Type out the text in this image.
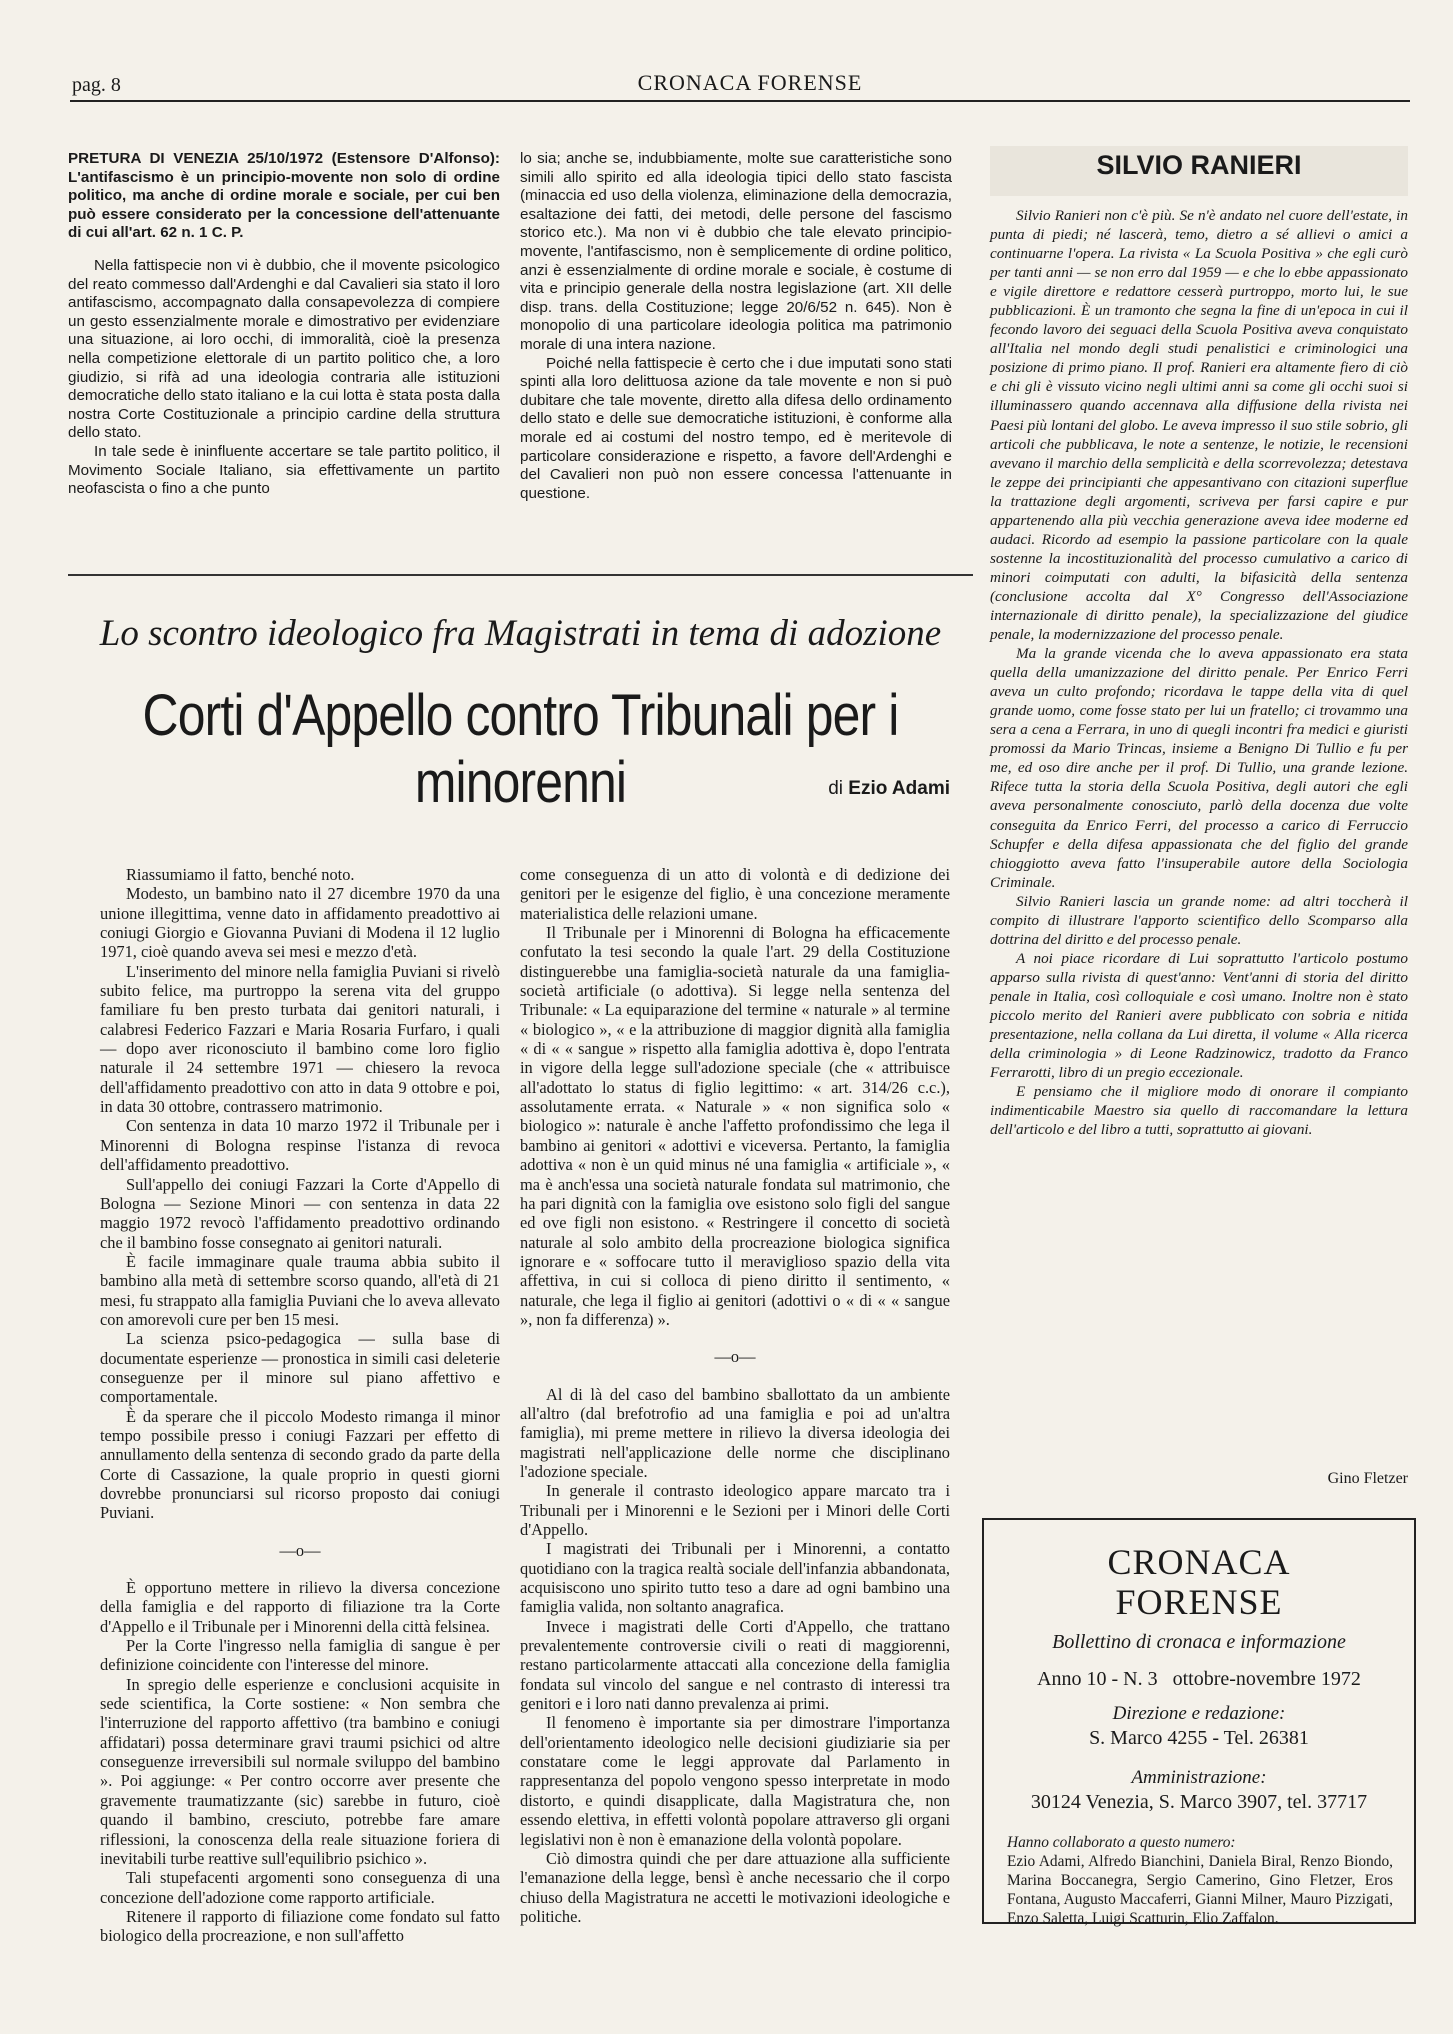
pag. 8	CRONACA FORENSE

PRETURA DI VENEZIA 25/10/1972 (Estensore D'Alfonso): L'antifascismo è un principio-movente non solo di ordine politico, ma anche di ordine morale e sociale, per cui ben può essere considerato per la concessione dell'attenuante di cui all'art. 62 n. 1 C. P.

Nella fattispecie non vi è dubbio, che il movente psicologico del reato commesso dall'Ardenghi e dal Cavalieri sia stato il loro antifascismo, accompagnato dalla consapevolezza di compiere un gesto essenzialmente morale e dimostrativo per evidenziare una situazione, ai loro occhi, di immoralità, cioè la presenza nella competizione elettorale di un partito politico che, a loro giudizio, si rifà ad una ideologia contraria alle istituzioni democratiche dello stato italiano e la cui lotta è stata posta dalla nostra Corte Costituzionale a principio cardine della struttura dello stato.

In tale sede è ininfluente accertare se tale partito politico, il Movimento Sociale Italiano, sia effettivamente un partito neofascista o fino a che punto

lo sia; anche se, indubbiamente, molte sue caratteristiche sono simili allo spirito ed alla ideologia tipici dello stato fascista (minaccia ed uso della violenza, eliminazione della democrazia, esaltazione dei fatti, dei metodi, delle persone del fascismo storico etc.). Ma non vi è dubbio che tale elevato principio-movente, l'antifascismo, non è semplicemente di ordine politico, anzi è essenzialmente di ordine morale e sociale, è costume di vita e principio generale della nostra legislazione (art. XII delle disp. trans. della Costituzione; legge 20/6/52 n. 645). Non è monopolio di una particolare ideologia politica ma patrimonio morale di una intera nazione.

Poiché nella fattispecie è certo che i due imputati sono stati spinti alla loro delittuosa azione da tale movente e non si può dubitare che tale movente, diretto alla difesa dello ordinamento dello stato e delle sue democratiche istituzioni, è conforme alla morale ed ai costumi del nostro tempo, ed è meritevole di particolare considerazione e rispetto, a favore dell'Ardenghi e del Cavalieri non può non essere concessa l'attenuante in questione.

Lo scontro ideologico fra Magistrati in tema di adozione
Corti d'Appello contro Tribunali per i minorenni	di Ezio Adami

Riassumiamo il fatto, benché noto.

Modesto, un bambino nato il 27 dicembre 1970 da una unione illegittima, venne dato in affidamento preadottivo ai coniugi Giorgio e Giovanna Puviani di Modena il 12 luglio 1971, cioè quando aveva sei mesi e mezzo d'età.

L'inserimento del minore nella famiglia Puviani si rivelò subito felice, ma purtroppo la serena vita del gruppo familiare fu ben presto turbata dai genitori naturali, i calabresi Federico Fazzari e Maria Rosaria Furfaro, i quali — dopo aver riconosciuto il bambino come loro figlio naturale il 24 settembre 1971 — chiesero la revoca dell'affidamento preadottivo con atto in data 9 ottobre e poi, in data 30 ottobre, contrassero matrimonio.

Con sentenza in data 10 marzo 1972 il Tribunale per i Minorenni di Bologna respinse l'istanza di revoca dell'affidamento preadottivo.

Sull'appello dei coniugi Fazzari la Corte d'Appello di Bologna — Sezione Minori — con sentenza in data 22 maggio 1972 revocò l'affidamento preadottivo ordinando che il bambino fosse consegnato ai genitori naturali.

È facile immaginare quale trauma abbia subito il bambino alla metà di settembre scorso quando, all'età di 21 mesi, fu strappato alla famiglia Puviani che lo aveva allevato con amorevoli cure per ben 15 mesi.

La scienza psico-pedagogica — sulla base di documentate esperienze — pronostica in simili casi deleterie conseguenze per il minore sul piano affettivo e comportamentale.

È da sperare che il piccolo Modesto rimanga il minor tempo possibile presso i coniugi Fazzari per effetto di annullamento della sentenza di secondo grado da parte della Corte di Cassazione, la quale proprio in questi giorni dovrebbe pronunciarsi sul ricorso proposto dai coniugi Puviani.

—o—

È opportuno mettere in rilievo la diversa concezione della famiglia e del rapporto di filiazione tra la Corte d'Appello e il Tribunale per i Minorenni della città felsinea.

Per la Corte l'ingresso nella famiglia di sangue è per definizione coincidente con l'interesse del minore.

In spregio delle esperienze e conclusioni acquisite in sede scientifica, la Corte sostiene: « Non sembra che l'interruzione del rapporto affettivo (tra bambino e coniugi affidatari) possa determinare gravi traumi psichici od altre conseguenze irreversibili sul normale sviluppo del bambino ». Poi aggiunge: « Per contro occorre aver presente che gravemente traumatizzante (sic) sarebbe in futuro, cioè quando il bambino, cresciuto, potrebbe fare amare riflessioni, la conoscenza della reale situazione foriera di inevitabili turbe reattive sull'equilibrio psichico ».

Tali stupefacenti argomenti sono conseguenza di una concezione dell'adozione come rapporto artificiale.

Ritenere il rapporto di filiazione come fondato sul fatto biologico della procreazione, e non sull'affetto

come conseguenza di un atto di volontà e di dedizione dei genitori per le esigenze del figlio, è una concezione meramente materialistica delle relazioni umane.

Il Tribunale per i Minorenni di Bologna ha efficacemente confutato la tesi secondo la quale l'art. 29 della Costituzione distinguerebbe una famiglia-società naturale da una famiglia-società artificiale (o adottiva). Si legge nella sentenza del Tribunale: « La equiparazione del termine « naturale » al termine « biologico », « e la attribuzione di maggior dignità alla famiglia « di « « sangue » rispetto alla famiglia adottiva è, dopo l'entrata in vigore della legge sull'adozione speciale (che « attribuisce all'adottato lo status di figlio legittimo: « art. 314/26 c.c.), assolutamente errata. « Naturale » « non significa solo « biologico »: naturale è anche l'affetto profondissimo che lega il bambino ai genitori « adottivi e viceversa. Pertanto, la famiglia adottiva « non è un quid minus né una famiglia « artificiale », « ma è anch'essa una società naturale fondata sul matrimonio, che ha pari dignità con la famiglia ove esistono solo figli del sangue ed ove figli non esistono. « Restringere il concetto di società naturale al solo ambito della procreazione biologica significa ignorare e « soffocare tutto il meraviglioso spazio della vita affettiva, in cui si colloca di pieno diritto il sentimento, « naturale, che lega il figlio ai genitori (adottivi o « di « « sangue », non fa differenza) ».

—o—

Al di là del caso del bambino sballottato da un ambiente all'altro (dal brefotrofio ad una famiglia e poi ad un'altra famiglia), mi preme mettere in rilievo la diversa ideologia dei magistrati nell'applicazione delle norme che disciplinano l'adozione speciale.

In generale il contrasto ideologico appare marcato tra i Tribunali per i Minorenni e le Sezioni per i Minori delle Corti d'Appello.

I magistrati dei Tribunali per i Minorenni, a contatto quotidiano con la tragica realtà sociale dell'infanzia abbandonata, acquisiscono uno spirito tutto teso a dare ad ogni bambino una famiglia valida, non soltanto anagrafica.

Invece i magistrati delle Corti d'Appello, che trattano prevalentemente controversie civili o reati di maggiorenni, restano particolarmente attaccati alla concezione della famiglia fondata sul vincolo del sangue e nel contrasto di interessi tra genitori e i loro nati danno prevalenza ai primi.

Il fenomeno è importante sia per dimostrare l'importanza dell'orientamento ideologico nelle decisioni giudiziarie sia per constatare come le leggi approvate dal Parlamento in rappresentanza del popolo vengono spesso interpretate in modo distorto, e quindi disapplicate, dalla Magistratura che, non essendo elettiva, in effetti volontà popolare attraverso gli organi legislativi non è non è emanazione della volontà popolare.

Ciò dimostra quindi che per dare attuazione alla sufficiente l'emanazione della legge, bensì è anche necessario che il corpo chiuso della Magistratura ne accetti le motivazioni ideologiche e politiche.

SILVIO RANIERI

Silvio Ranieri non c'è più. Se n'è andato nel cuore dell'estate, in punta di piedi; né lascerà, temo, dietro a sé allievi o amici a continuarne l'opera. La rivista « La Scuola Positiva » che egli curò per tanti anni — se non erro dal 1959 — e che lo ebbe appassionato e vigile direttore e redattore cesserà purtroppo, morto lui, le sue pubblicazioni. È un tramonto che segna la fine di un'epoca in cui il fecondo lavoro dei seguaci della Scuola Positiva aveva conquistato all'Italia nel mondo degli studi penalistici e criminologici una posizione di primo piano. Il prof. Ranieri era altamente fiero di ciò e chi gli è vissuto vicino negli ultimi anni sa come gli occhi suoi si illuminassero quando accennava alla diffusione della rivista nei Paesi più lontani del globo. Le aveva impresso il suo stile sobrio, gli articoli che pubblicava, le note a sentenze, le notizie, le recensioni avevano il marchio della semplicità e della scorrevolezza; detestava le zeppe dei principianti che appesantivano con citazioni superflue la trattazione degli argomenti, scriveva per farsi capire e pur appartenendo alla più vecchia generazione aveva idee moderne ed audaci. Ricordo ad esempio la passione particolare con la quale sostenne la incostituzionalità del processo cumulativo a carico di minori coimputati con adulti, la bifasicità della sentenza (conclusione accolta dal X° Congresso dell'Associazione internazionale di diritto penale), la specializzazione del giudice penale, la modernizzazione del processo penale.

Ma la grande vicenda che lo aveva appassionato era stata quella della umanizzazione del diritto penale. Per Enrico Ferri aveva un culto profondo; ricordava le tappe della vita di quel grande uomo, come fosse stato per lui un fratello; ci trovammo una sera a cena a Ferrara, in uno di quegli incontri fra medici e giuristi promossi da Mario Trincas, insieme a Benigno Di Tullio e fu per me, ed oso dire anche per il prof. Di Tullio, una grande lezione. Rifece tutta la storia della Scuola Positiva, degli autori che egli aveva personalmente conosciuto, parlò della docenza due volte conseguita da Enrico Ferri, del processo a carico di Ferruccio Schupfer e della difesa appassionata che del figlio del grande chioggiotto aveva fatto l'insuperabile autore della Sociologia Criminale.

Silvio Ranieri lascia un grande nome: ad altri toccherà il compito di illustrare l'apporto scientifico dello Scomparso alla dottrina del diritto e del processo penale.

A noi piace ricordare di Lui soprattutto l'articolo postumo apparso sulla rivista di quest'anno: Vent'anni di storia del diritto penale in Italia, così colloquiale e così umano. Inoltre non è stato piccolo merito del Ranieri avere pubblicato con sobria e nitida presentazione, nella collana da Lui diretta, il volume « Alla ricerca della criminologia » di Leone Radzinowicz, tradotto da Franco Ferrarotti, libro di un pregio eccezionale.

E pensiamo che il migliore modo di onorare il compianto indimenticabile Maestro sia quello di raccomandare la lettura dell'articolo e del libro a tutti, soprattutto ai giovani.

Gino Fletzer
CRONACA
FORENSE
Bollettino di cronaca e informazione
Anno 10 - N. 3   ottobre-novembre 1972
Direzione e redazione:
S. Marco 4255 - Tel. 26381
Amministrazione:
30124 Venezia, S. Marco 3907, tel. 37717
Hanno collaborato a questo numero:
Ezio Adami, Alfredo Bianchini, Daniela Biral, Renzo Biondo, Marina Boccanegra, Sergio Camerino, Gino Fletzer, Eros Fontana, Augusto Maccaferri, Gianni Milner, Mauro Pizzigati, Enzo Saletta, Luigi Scatturin, Elio Zaffalon.
